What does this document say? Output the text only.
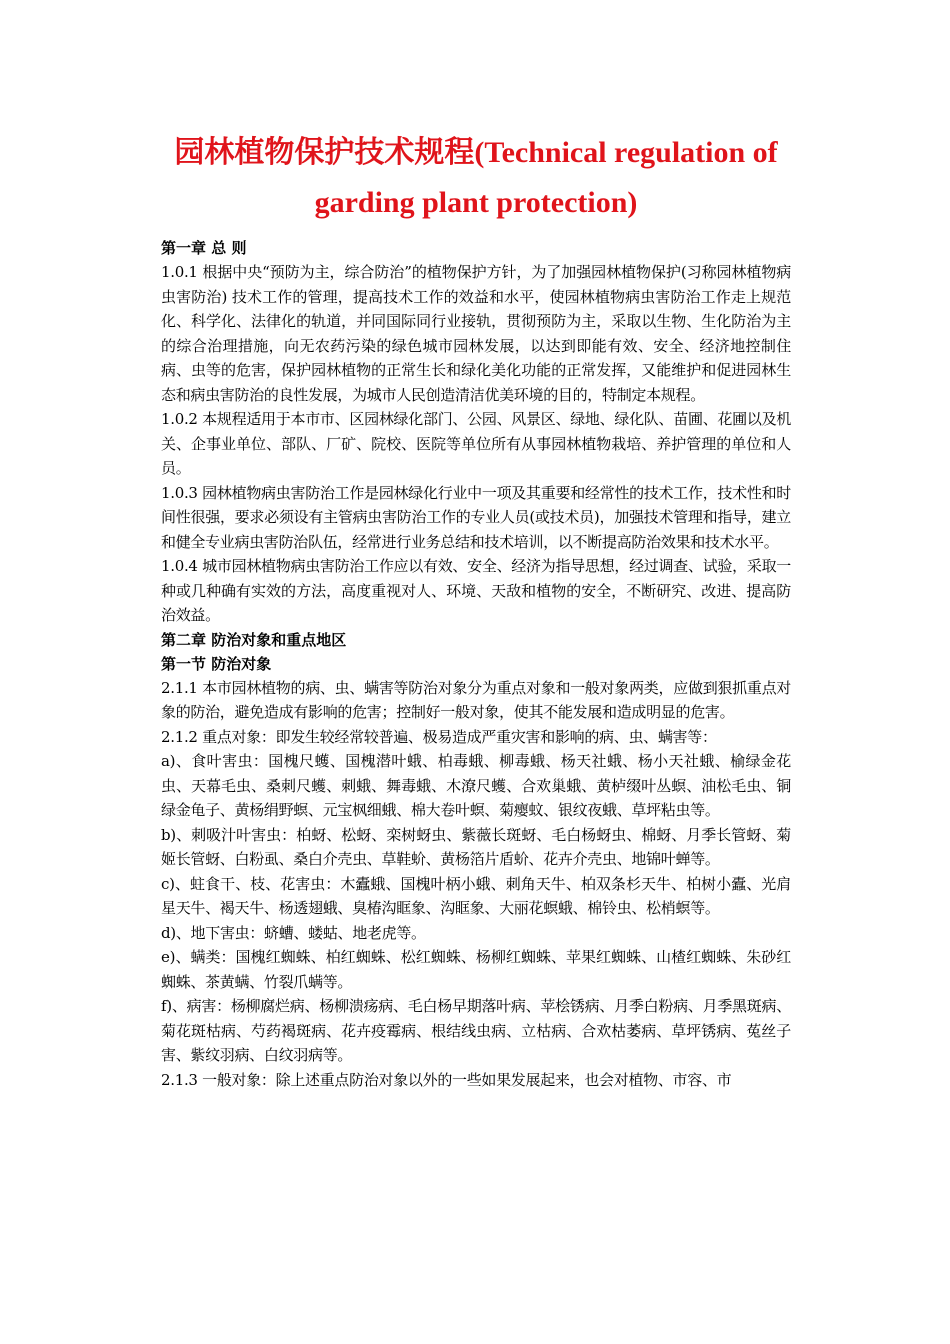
园林植物保护技术规程(Technical regulation of garding plant protection)
第一章 总 则

1.0.1 根据中央“预防为主，综合防治”的植物保护方针，为了加强园林植物保护(习称园林植物病虫害防治) 技术工作的管理，提高技术工作的效益和水平，使园林植物病虫害防治工作走上规范化、科学化、法律化的轨道，并同国际同行业接轨，贯彻预防为主，采取以生物、生化防治为主的综合治理措施，向无农药污染的绿色城市园林发展，以达到即能有效、安全、经济地控制住病、虫等的危害，保护园林植物的正常生长和绿化美化功能的正常发挥，又能维护和促进园林生态和病虫害防治的良性发展，为城市人民创造清洁优美环境的目的，特制定本规程。

1.0.2 本规程适用于本市市、区园林绿化部门、公园、风景区、绿地、绿化队、苗圃、花圃以及机关、企事业单位、部队、厂矿、院校、医院等单位所有从事园林植物栽培、养护管理的单位和人员。

1.0.3 园林植物病虫害防治工作是园林绿化行业中一项及其重要和经常性的技术工作，技术性和时间性很强，要求必须设有主管病虫害防治工作的专业人员(或技术员)，加强技术管理和指导，建立和健全专业病虫害防治队伍，经常进行业务总结和技术培训，以不断提高防治效果和技术水平。

1.0.4 城市园林植物病虫害防治工作应以有效、安全、经济为指导思想，经过调查、试验，采取一种或几种确有实效的方法，高度重视对人、环境、天敌和植物的安全，不断研究、改进、提高防治效益。

第二章 防治对象和重点地区
第一节 防治对象

2.1.1 本市园林植物的病、虫、螨害等防治对象分为重点对象和一般对象两类，应做到狠抓重点对象的防治，避免造成有影响的危害；控制好一般对象，使其不能发展和造成明显的危害。

2.1.2 重点对象：即发生较经常较普遍、极易造成严重灾害和影响的病、虫、螨害等：

a)、食叶害虫：国槐尺蠖、国槐潜叶蛾、柏毒蛾、柳毒蛾、杨天社蛾、杨小天社蛾、榆绿金花虫、天幕毛虫、桑刺尺蠖、刺蛾、舞毒蛾、木潦尺蠖、合欢巢蛾、黄栌缀叶丛螟、油松毛虫、铜绿金龟子、黄杨绢野螟、元宝枫细蛾、棉大卷叶螟、菊瘿蚊、银纹夜蛾、草坪粘虫等。

b)、刺吸汁叶害虫：柏蚜、松蚜、栾树蚜虫、紫薇长斑蚜、毛白杨蚜虫、棉蚜、月季长管蚜、菊姬长管蚜、白粉虱、桑白介壳虫、草鞋蚧、黄杨箔片盾蚧、花卉介壳虫、地锦叶蝉等。

c)、蛀食干、枝、花害虫：木蠹蛾、国槐叶柄小蛾、刺角天牛、柏双条杉天牛、柏树小蠹、光肩星天牛、褐天牛、杨透翅蛾、臭椿沟眶象、沟眶象、大丽花螟蛾、棉铃虫、松梢螟等。

d)、地下害虫：蛴螬、蝼蛄、地老虎等。

e)、螨类：国槐红蜘蛛、柏红蜘蛛、松红蜘蛛、杨柳红蜘蛛、苹果红蜘蛛、山楂红蜘蛛、朱砂红蜘蛛、茶黄螨、竹裂爪螨等。

f)、病害：杨柳腐烂病、杨柳溃疡病、毛白杨早期落叶病、苹桧锈病、月季白粉病、月季黑斑病、菊花斑枯病、芍药褐斑病、花卉疫霉病、根结线虫病、立枯病、合欢枯萎病、草坪锈病、菟丝子害、紫纹羽病、白纹羽病等。

2.1.3 一般对象：除上述重点防治对象以外的一些如果发展起来，也会对植物、市容、市
